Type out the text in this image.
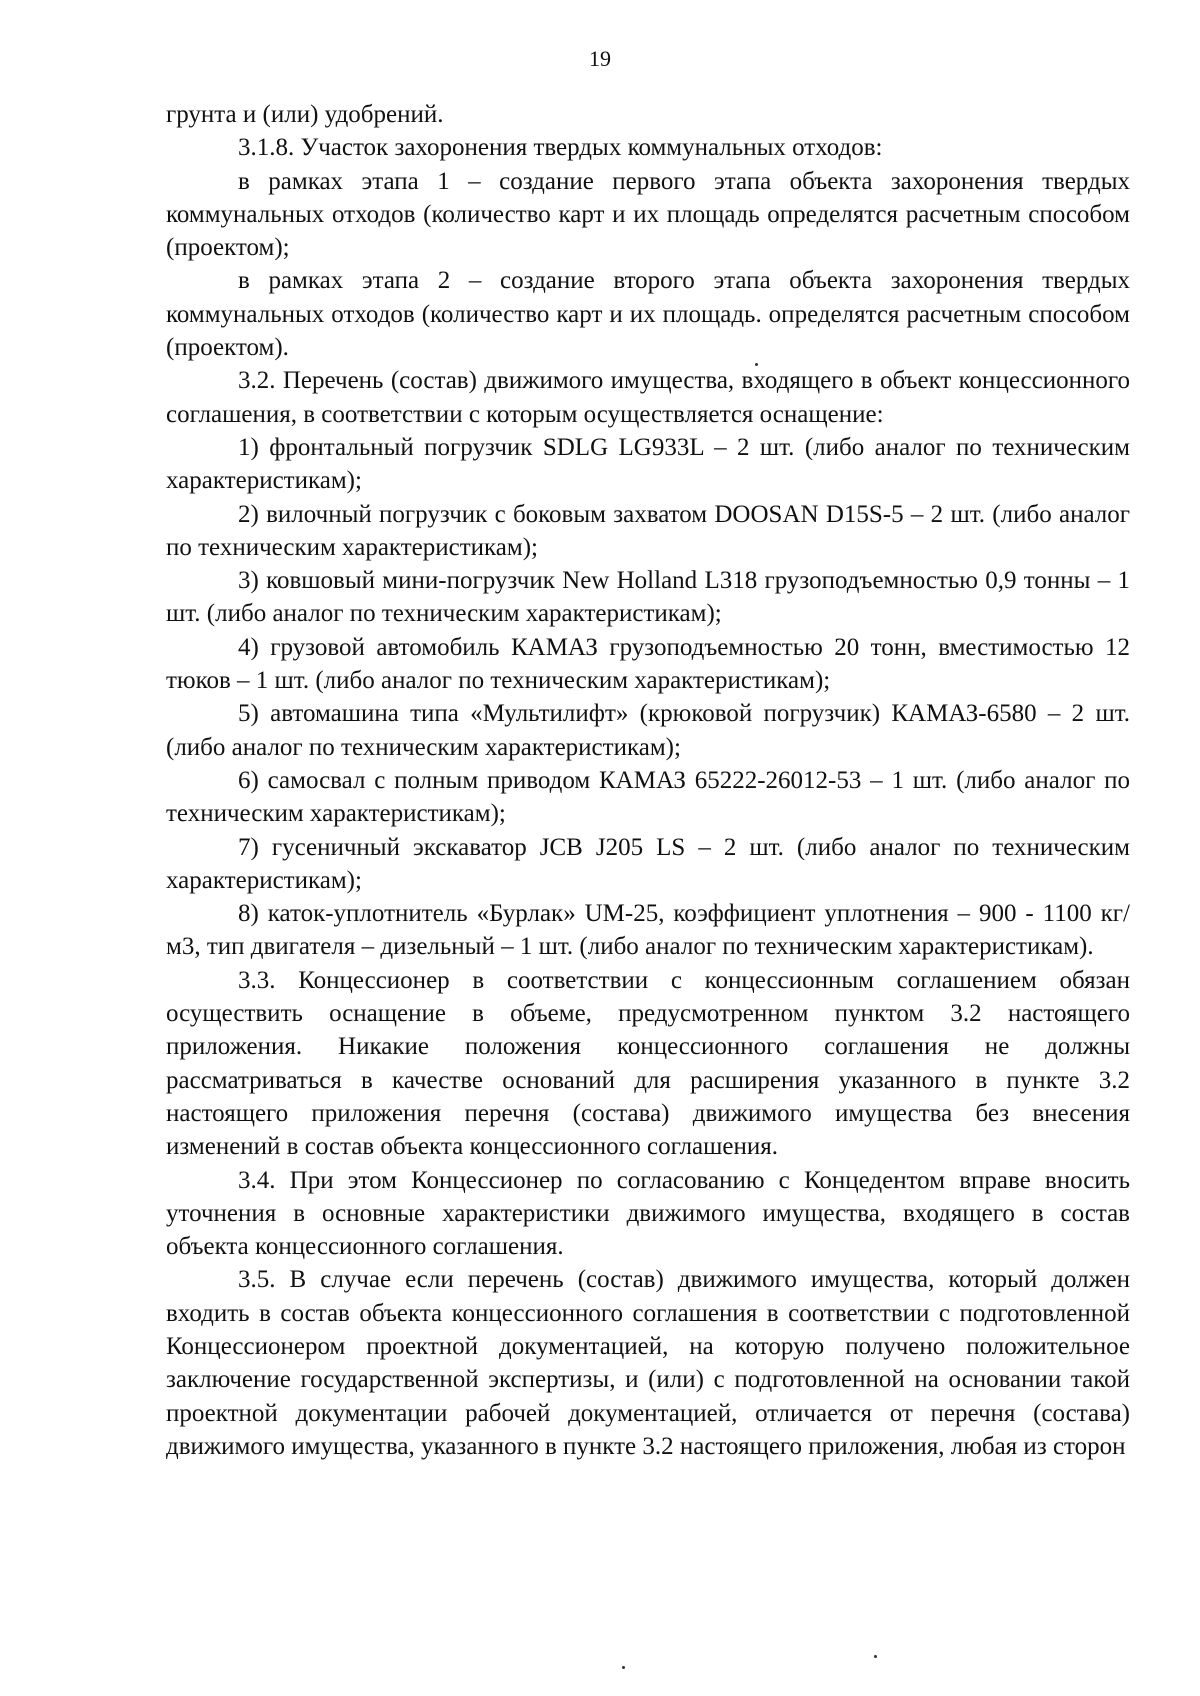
19

грунта и (или) удобрений.

3.1.8. Участок захоронения твердых коммунальных отходов:

в рамках этапа 1 – создание первого этапа объекта захоронения твердых коммунальных отходов (количество карт и их площадь определятся расчетным способом (проектом);

в рамках этапа 2 – создание второго этапа объекта захоронения твердых коммунальных отходов (количество карт и их площадь. определятся расчетным способом (проектом).

3.2. Перечень (состав) движимого имущества, входящего в объект концессионного соглашения, в соответствии с которым осуществляется оснащение:

1) фронтальный погрузчик SDLG LG933L – 2 шт. (либо аналог по техническим характеристикам);

2) вилочный погрузчик с боковым захватом DOOSAN D15S-5 – 2 шт. (либо аналог по техническим характеристикам);

3) ковшовый мини-погрузчик New Holland L318 грузоподъемностью 0,9 тонны – 1 шт. (либо аналог по техническим характеристикам);

4) грузовой автомобиль КАМАЗ грузоподъемностью 20 тонн, вместимостью 12 тюков – 1 шт. (либо аналог по техническим характеристикам);

5) автомашина типа «Мультилифт» (крюковой погрузчик) КАМАЗ-6580 – 2 шт. (либо аналог по техническим характеристикам);

6) самосвал с полным приводом КАМАЗ 65222-26012-53 – 1 шт. (либо аналог по техническим характеристикам);

7) гусеничный экскаватор JCB J205 LS – 2 шт. (либо аналог по техническим характеристикам);

8) каток-уплотнитель «Бурлак» UM-25, коэффициент уплотнения – 900 - 1100 кг/м3, тип двигателя – дизельный – 1 шт. (либо аналог по техническим характеристикам).

3.3. Концессионер в соответствии с концессионным соглашением обязан осуществить оснащение в объеме, предусмотренном пунктом 3.2 настоящего приложения. Никакие положения концессионного соглашения не должны рассматриваться в качестве оснований для расширения указанного в пункте 3.2 настоящего приложения перечня (состава) движимого имущества без внесения изменений в состав объекта концессионного соглашения.

3.4. При этом Концессионер по согласованию с Концедентом вправе вносить уточнения в основные характеристики движимого имущества, входящего в состав объекта концессионного соглашения.

3.5. В случае если перечень (состав) движимого имущества, который должен входить в состав объекта концессионного соглашения в соответствии с подготовленной Концессионером проектной документацией, на которую получено положительное заключение государственной экспертизы, и (или) с подготовленной на основании такой проектной документации рабочей документацией, отличается от перечня (состава) движимого имущества, указанного в пункте 3.2 настоящего приложения, любая из сторон
